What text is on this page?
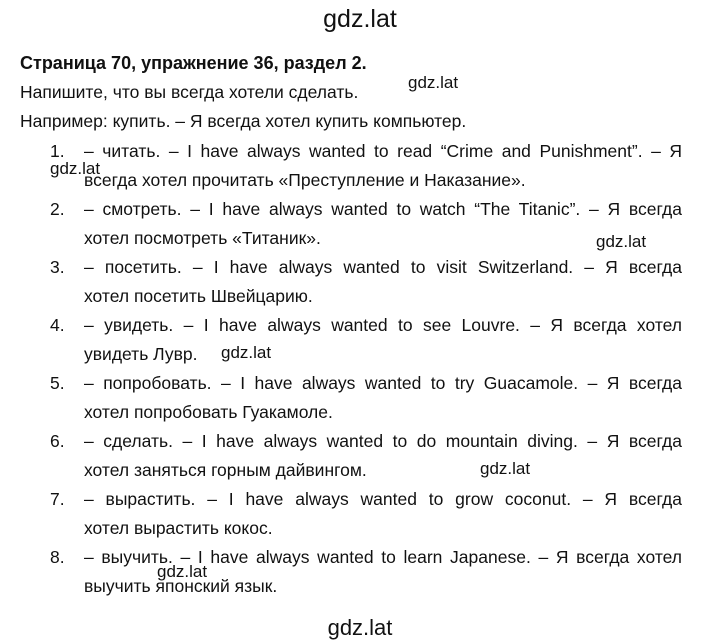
gdz.lat
Страница 70, упражнение 36, раздел 2.
Напишите, что вы всегда хотели сделать.
Например: купить. – Я всегда хотел купить компьютер.
1.	– читать. – I have always wanted to read “Crime and Punishment”. – Я
всегда хотел прочитать «Преступление и Наказание».
2.	– смотреть. – I have always wanted to watch “The Titanic”. – Я всегда
хотел посмотреть «Титаник».
3.	– посетить. – I have always wanted to visit Switzerland. – Я всегда
хотел посетить Швейцарию.
4.	– увидеть. – I have always wanted to see Louvre. – Я всегда хотел
увидеть Лувр.
5.	– попробовать. – I have always wanted to try Guacamole. – Я всегда
хотел попробовать Гуакамоле.
6.	– сделать. – I have always wanted to do mountain diving. – Я всегда
хотел заняться горным дайвингом.
7.	– вырастить. – I have always wanted to grow coconut. – Я всегда
хотел вырастить кокос.
8.	– выучить. – I have always wanted to learn Japanese. – Я всегда хотел
выучить японский язык.
gdz.lat
gdz.lat
gdz.lat
gdz.lat
gdz.lat
gdz.lat
gdz.lat
